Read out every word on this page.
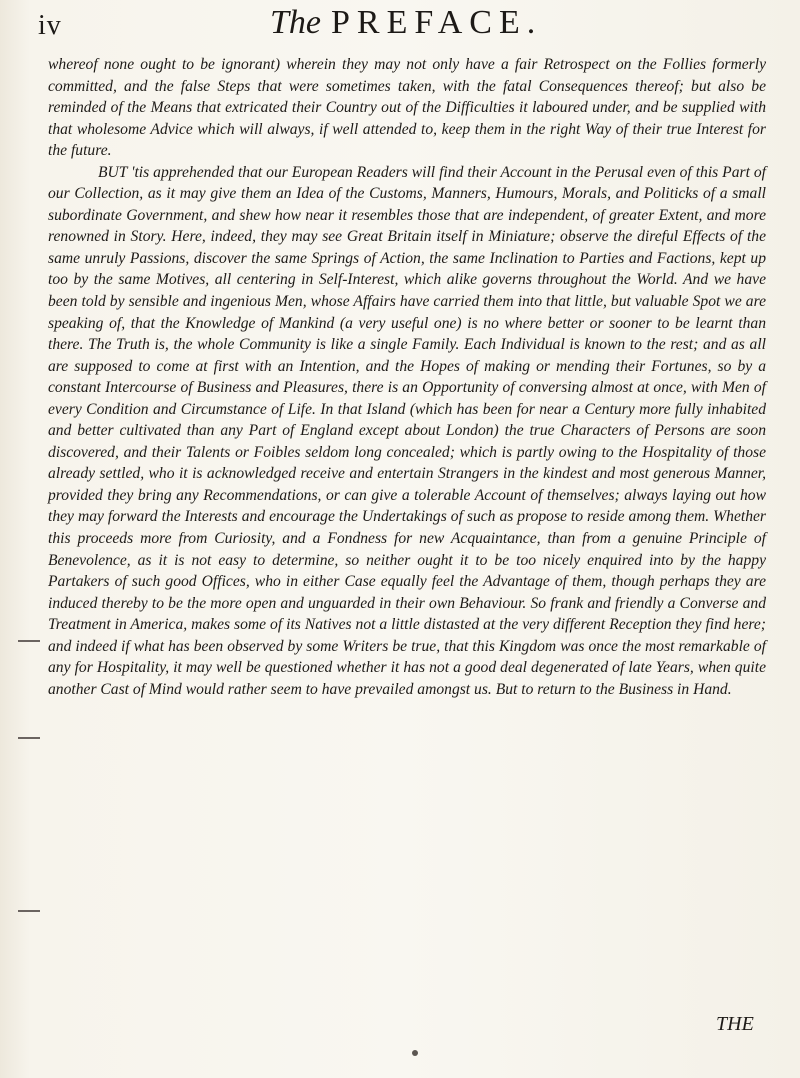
iv	The PREFACE.

whereof none ought to be ignorant) wherein they may not only have a fair Retrospect on the Follies formerly committed, and the false Steps that were sometimes taken, with the fatal Consequences thereof; but also be reminded of the Means that extricated their Country out of the Difficulties it laboured under, and be supplied with that wholesome Advice which will always, if well attended to, keep them in the right Way of their true Interest for the future.

BUT 'tis apprehended that our European Readers will find their Account in the Perusal even of this Part of our Collection, as it may give them an Idea of the Customs, Manners, Humours, Morals, and Politicks of a small subordinate Government, and shew how near it resembles those that are independent, of greater Extent, and more renowned in Story. Here, indeed, they may see Great Britain itself in Miniature; observe the direful Effects of the same unruly Passions, discover the same Springs of Action, the same Inclination to Parties and Factions, kept up too by the same Motives, all centering in Self-Interest, which alike governs throughout the World. And we have been told by sensible and ingenious Men, whose Affairs have carried them into that little, but valuable Spot we are speaking of, that the Knowledge of Mankind (a very useful one) is no where better or sooner to be learnt than there. The Truth is, the whole Community is like a single Family. Each Individual is known to the rest; and as all are supposed to come at first with an Intention, and the Hopes of making or mending their Fortunes, so by a constant Intercourse of Business and Pleasures, there is an Opportunity of conversing almost at once, with Men of every Condition and Circumstance of Life. In that Island (which has been for near a Century more fully inhabited and better cultivated than any Part of England except about London) the true Characters of Persons are soon discovered, and their Talents or Foibles seldom long concealed; which is partly owing to the Hospitality of those already settled, who it is acknowledged receive and entertain Strangers in the kindest and most generous Manner, provided they bring any Recommendations, or can give a tolerable Account of themselves; always laying out how they may forward the Interests and encourage the Undertakings of such as propose to reside among them. Whether this proceeds more from Curiosity, and a Fondness for new Acquaintance, than from a genuine Principle of Benevolence, as it is not easy to determine, so neither ought it to be too nicely enquired into by the happy Partakers of such good Offices, who in either Case equally feel the Advantage of them, though perhaps they are induced thereby to be the more open and unguarded in their own Behaviour. So frank and friendly a Converse and Treatment in America, makes some of its Natives not a little distasted at the very different Reception they find here; and indeed if what has been observed by some Writers be true, that this Kingdom was once the most remarkable of any for Hospitality, it may well be questioned whether it has not a good deal degenerated of late Years, when quite another Cast of Mind would rather seem to have prevailed amongst us. But to return to the Business in Hand.

THE
